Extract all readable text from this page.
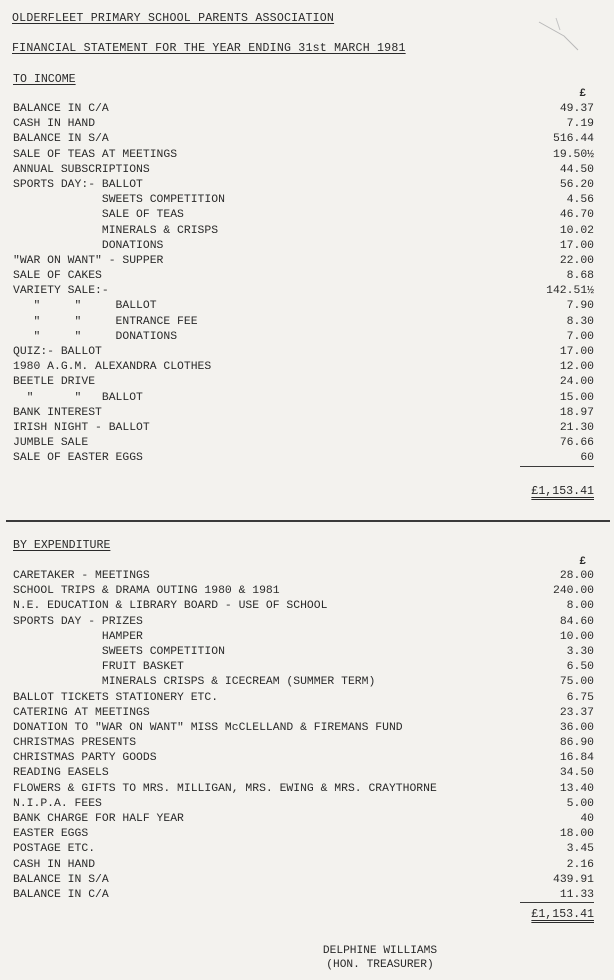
OLDERFLEET PRIMARY SCHOOL PARENTS ASSOCIATION
FINANCIAL STATEMENT FOR THE YEAR ENDING 31st MARCH 1981
TO INCOME
£
BALANCE IN C/A	49.37
CASH IN HAND	7.19
BALANCE IN S/A	516.44
SALE OF TEAS AT MEETINGS	19.50½
ANNUAL SUBSCRIPTIONS	44.50
SPORTS DAY:- BALLOT	56.20
SWEETS COMPETITION	4.56
SALE OF TEAS	46.70
MINERALS & CRISPS	10.02
DONATIONS	17.00
"WAR ON WANT" - SUPPER	22.00
SALE OF CAKES	8.68
VARIETY SALE:-	142.51½
"     "     BALLOT	7.90
"     "     ENTRANCE FEE	8.30
"     "     DONATIONS	7.00
QUIZ:- BALLOT	17.00
1980 A.G.M. ALEXANDRA CLOTHES	12.00
BEETLE DRIVE	24.00
"      "   BALLOT	15.00
BANK INTEREST	18.97
IRISH NIGHT - BALLOT	21.30
JUMBLE SALE	76.66
SALE OF EASTER EGGS	60
£1,153.41
BY EXPENDITURE
£
CARETAKER - MEETINGS	28.00
SCHOOL TRIPS & DRAMA OUTING 1980 & 1981	240.00
N.E. EDUCATION & LIBRARY BOARD - USE OF SCHOOL	8.00
SPORTS DAY - PRIZES	84.60
HAMPER	10.00
SWEETS COMPETITION	3.30
FRUIT BASKET	6.50
MINERALS CRISPS & ICECREAM (SUMMER TERM)	75.00
BALLOT TICKETS STATIONERY ETC.	6.75
CATERING AT MEETINGS	23.37
DONATION TO "WAR ON WANT" MISS McCLELLAND & FIREMANS FUND	36.00
CHRISTMAS PRESENTS	86.90
CHRISTMAS PARTY GOODS	16.84
READING EASELS	34.50
FLOWERS & GIFTS TO MRS. MILLIGAN, MRS. EWING & MRS. CRAYTHORNE	13.40
N.I.P.A. FEES	5.00
BANK CHARGE FOR HALF YEAR	40
EASTER EGGS	18.00
POSTAGE ETC.	3.45
CASH IN HAND	2.16
BALANCE IN S/A	439.91
BALANCE IN C/A	11.33
£1,153.41
DELPHINE WILLIAMS
(HON. TREASURER)
